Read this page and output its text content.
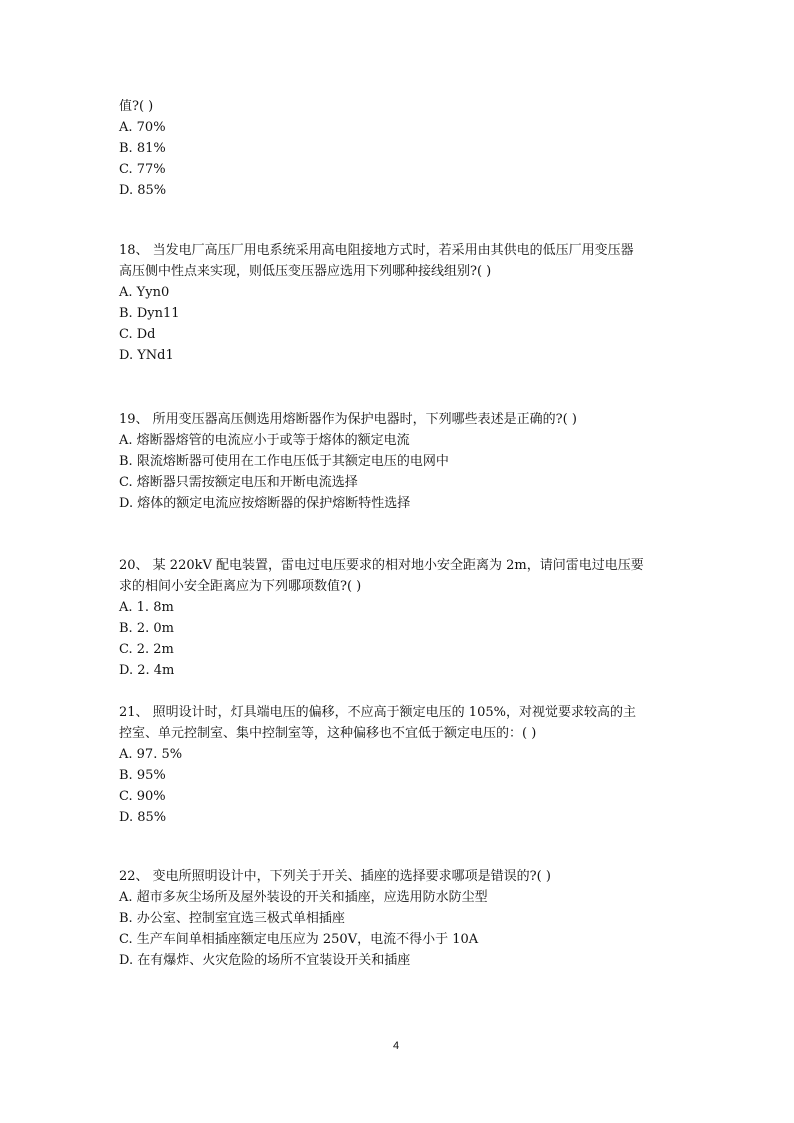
值?( )
A. 70%
B. 81%
C. 77%
D. 85%
18、 当发电厂高压厂用电系统采用高电阻接地方式时，若采用由其供电的低压厂用变压器
高压侧中性点来实现，则低压变压器应选用下列哪种接线组别?( )
A. Yyn0
B. Dyn11
C. Dd
D. YNd1
19、 所用变压器高压侧选用熔断器作为保护电器时，下列哪些表述是正确的?( )
A. 熔断器熔管的电流应小于或等于熔体的额定电流
B. 限流熔断器可使用在工作电压低于其额定电压的电网中
C. 熔断器只需按额定电压和开断电流选择
D. 熔体的额定电流应按熔断器的保护熔断特性选择
20、 某 220kV 配电装置，雷电过电压要求的相对地小安全距离为 2m，请问雷电过电压要
求的相间小安全距离应为下列哪项数值?( )
A. 1. 8m
B. 2. 0m
C. 2. 2m
D. 2. 4m
21、 照明设计时，灯具端电压的偏移，不应高于额定电压的 105%，对视觉要求较高的主
控室、单元控制室、集中控制室等，这种偏移也不宜低于额定电压的：( )
A. 97. 5%
B. 95%
C. 90%
D. 85%
22、 变电所照明设计中，下列关于开关、插座的选择要求哪项是错误的?( )
A. 超市多灰尘场所及屋外装设的开关和插座，应选用防水防尘型
B. 办公室、控制室宜选三极式单相插座
C. 生产车间单相插座额定电压应为 250V，电流不得小于 10A
D. 在有爆炸、火灾危险的场所不宜装设开关和插座
4
